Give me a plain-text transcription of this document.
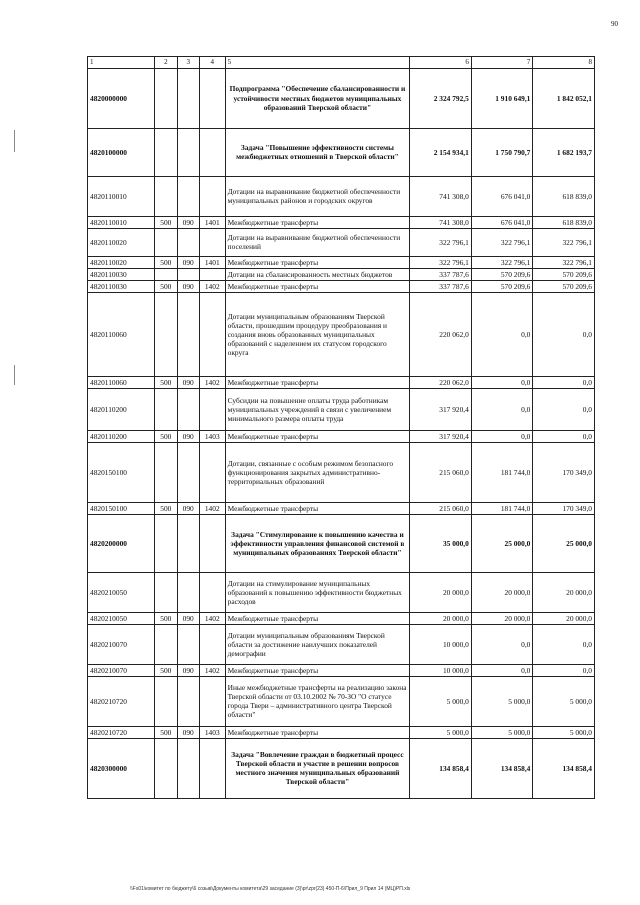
90
1	2	3	4	5	6	7	8
4820000000				Подпрограмма "Обеспечение сбалансированности и устойчивости местных бюджетов муниципальных образований Тверской области"	2 324 792,5	1 910 649,1	1 842 052,1
4820100000				Задача "Повышение эффективности системы межбюджетных отношений в Тверской области"	2 154 934,1	1 750 790,7	1 682 193,7
4820110010				Дотации на выравнивание бюджетной обеспеченности муниципальных районов и городских округов	741 308,0	676 041,0	618 839,0
4820110010	500	090	1401	Межбюджетные трансферты	741 308,0	676 041,0	618 839,0
4820110020				Дотации на выравнивание бюджетной обеспеченности поселений	322 796,1	322 796,1	322 796,1
4820110020	500	090	1401	Межбюджетные трансферты	322 796,1	322 796,1	322 796,1
4820110030				Дотации на сбалансированность местных бюджетов	337 787,6	570 209,6	570 209,6
4820110030	500	090	1402	Межбюджетные трансферты	337 787,6	570 209,6	570 209,6
4820110060				Дотации муниципальным образованиям Тверской области, прошедшим процедуру преобразования и создания вновь образованных муниципальных образований с наделением их статусом городского округа	220 062,0	0,0	0,0
4820110060	500	090	1402	Межбюджетные трансферты	220 062,0	0,0	0,0
4820110200				Субсидии на повышение оплаты труда работникам муниципальных учреждений в связи с увеличением минимального размера оплаты труда	317 920,4	0,0	0,0
4820110200	500	090	1403	Межбюджетные трансферты	317 920,4	0,0	0,0
4820150100				Дотации, связанные с особым режимом безопасного функционирования закрытых административно-территориальных образований	215 060,0	181 744,0	170 349,0
4820150100	500	090	1402	Межбюджетные трансферты	215 060,0	181 744,0	170 349,0
4820200000				Задача "Стимулирование к повышению качества и эффективности управления финансовой системой в муниципальных образованиях Тверской области"	35 000,0	25 000,0	25 000,0
4820210050				Дотации на стимулирование муниципальных образований к повышению эффективности бюджетных расходов	20 000,0	20 000,0	20 000,0
4820210050	500	090	1402	Межбюджетные трансферты	20 000,0	20 000,0	20 000,0
4820210070				Дотации муниципальным образованиям Тверской области за достижение наилучших показателей демографии	10 000,0	0,0	0,0
4820210070	500	090	1402	Межбюджетные трансферты	10 000,0	0,0	0,0
4820210720				Иные межбюджетные трансферты на реализацию закона Тверской области от 03.10.2002 № 70-ЗО "О статусе города Твери – административного центра Тверской области"	5 000,0	5 000,0	5 000,0
4820210720	500	090	1403	Межбюджетные трансферты	5 000,0	5 000,0	5 000,0
4820300000				Задача "Вовлечение граждан в бюджетный процесс Тверской области и участие в решении вопросов местного значения муниципальных образований Тверской области"	134 858,4	134 858,4	134 858,4
\\Fs01\комитет по бюджету\6 созыв\Документы комитета\29 заседание (3)\pr\zpr(23) 450-П-6\Прил_9 Прил 14 (МЦ)РП.xls
